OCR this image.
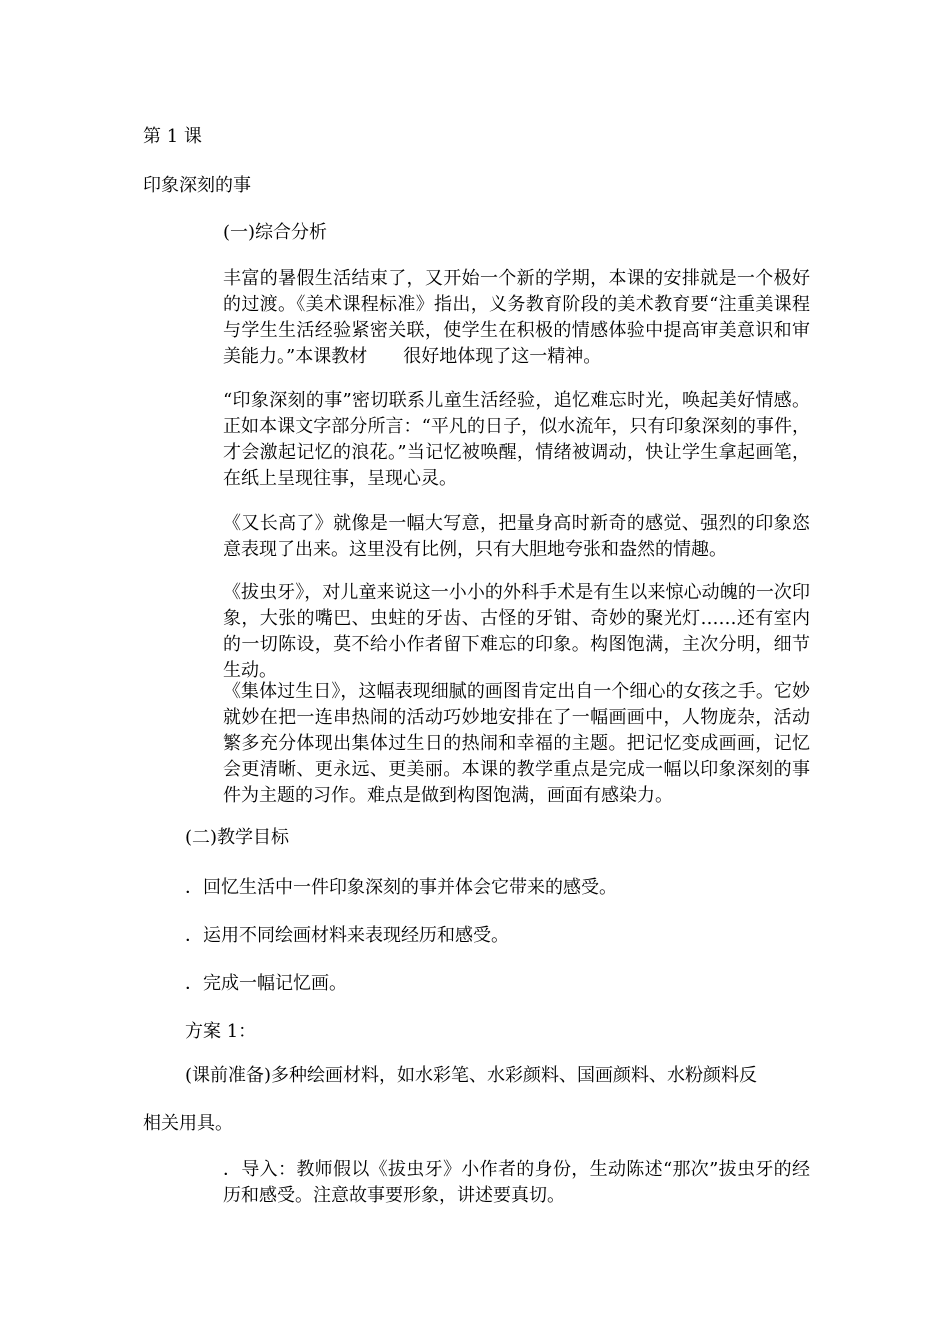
第 1 课

印象深刻的事

(一)综合分析

丰富的暑假生活结束了，又开始一个新的学期，本课的安排就是一个极好的过渡。《美术课程标准》指出，义务教育阶段的美术教育要“注重美课程与学生生活经验紧密关联，使学生在积极的情感体验中提高审美意识和审美能力。”本课教材　　很好地体现了这一精神。

“印象深刻的事”密切联系儿童生活经验，追忆难忘时光，唤起美好情感。正如本课文字部分所言：“平凡的日子，似水流年，只有印象深刻的事件，才会激起记忆的浪花。”当记忆被唤醒，情绪被调动，快让学生拿起画笔，在纸上呈现往事，呈现心灵。

《又长高了》就像是一幅大写意，把量身高时新奇的感觉、强烈的印象恣意表现了出来。这里没有比例，只有大胆地夸张和盎然的情趣。

《拔虫牙》，对儿童来说这一小小的外科手术是有生以来惊心动魄的一次印象，大张的嘴巴、虫蛀的牙齿、古怪的牙钳、奇妙的聚光灯……还有室内的一切陈设，莫不给小作者留下难忘的印象。构图饱满，主次分明，细节生动。

《集体过生日》，这幅表现细腻的画图肯定出自一个细心的女孩之手。它妙就妙在把一连串热闹的活动巧妙地安排在了一幅画画中，人物庞杂，活动繁多充分体现出集体过生日的热闹和幸福的主题。把记忆变成画画，记忆会更清晰、更永远、更美丽。本课的教学重点是完成一幅以印象深刻的事件为主题的习作。难点是做到构图饱满，画面有感染力。

(二)教学目标

．回忆生活中一件印象深刻的事并体会它带来的感受。

．运用不同绘画材料来表现经历和感受。

．完成一幅记忆画。

方案 1：

(课前准备)多种绘画材料，如水彩笔、水彩颜料、国画颜料、水粉颜料反

相关用具。

．导入：教师假以《拔虫牙》小作者的身份，生动陈述“那次”拔虫牙的经历和感受。注意故事要形象，讲述要真切。
